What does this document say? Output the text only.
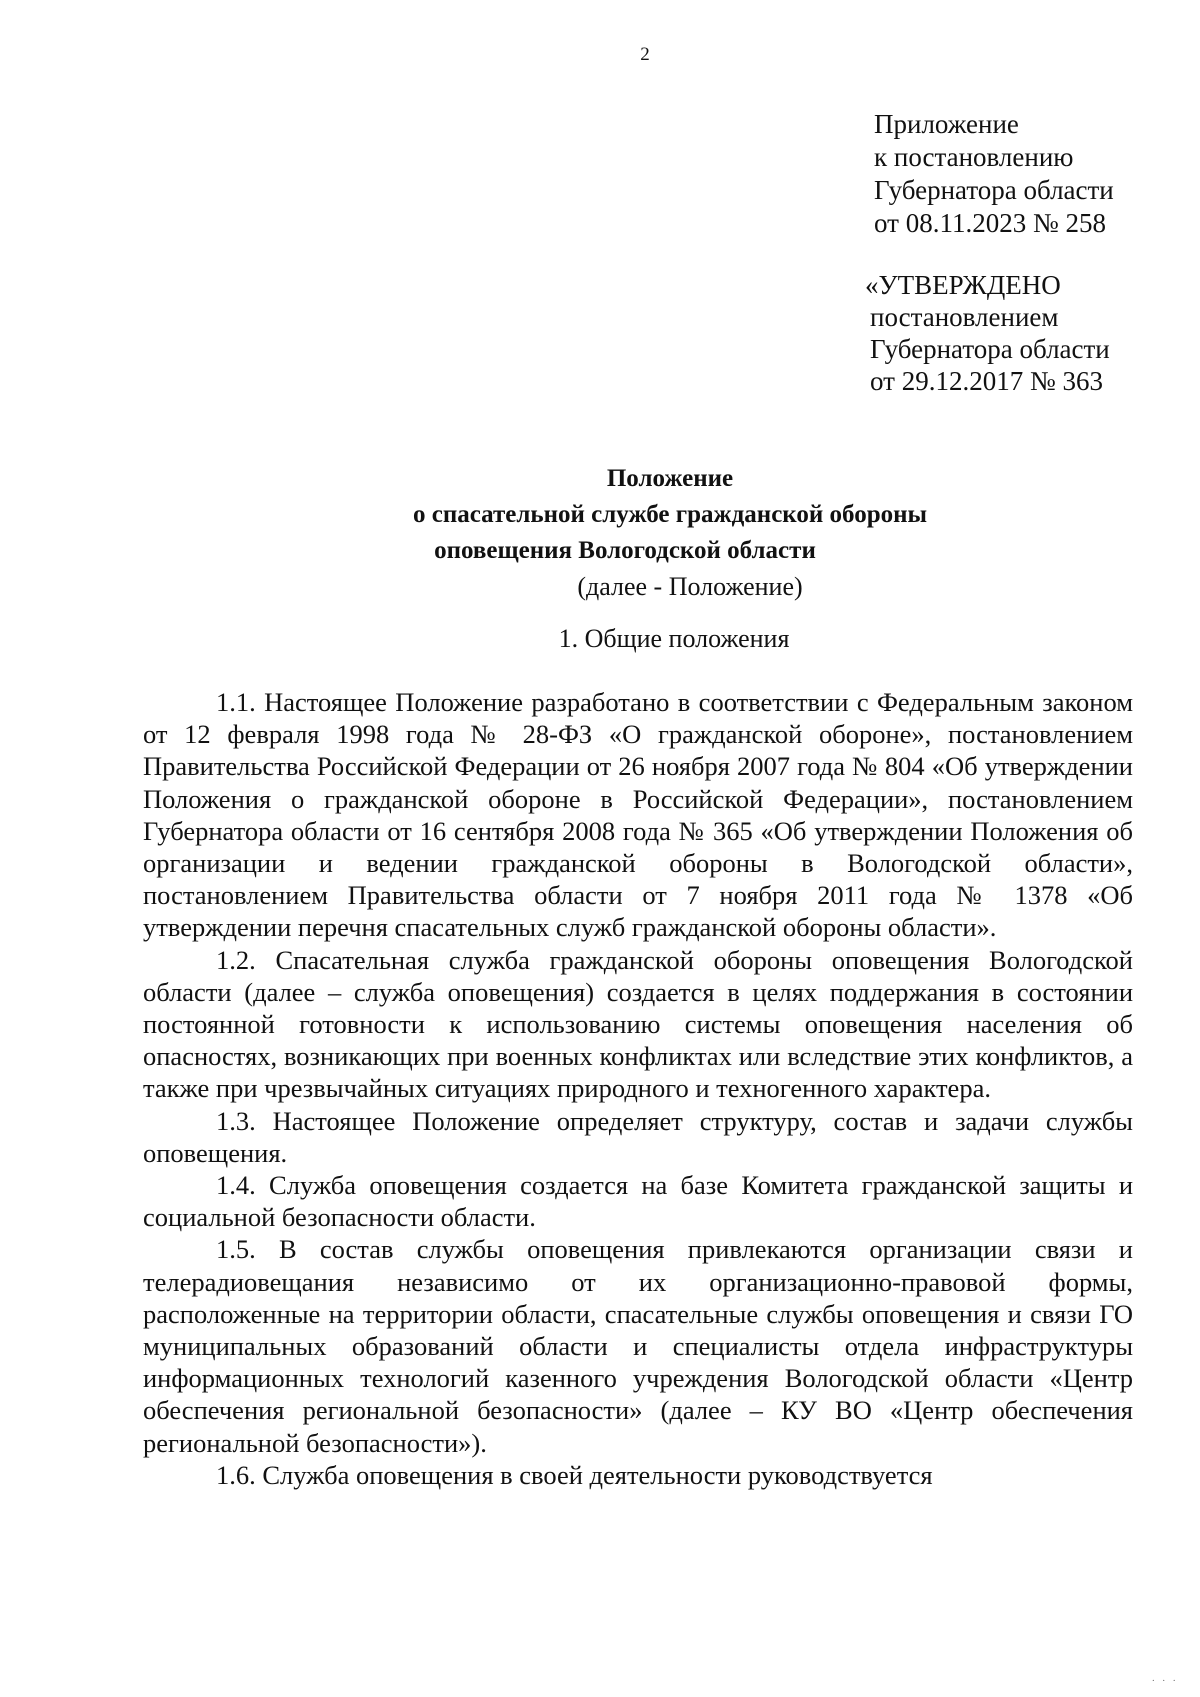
2
Приложение
к постановлению
Губернатора области
от 08.11.2023 № 258
«УТВЕРЖДЕНО
постановлением
Губернатора области
от 29.12.2017 № 363
Положение
о спасательной службе гражданской обороны
оповещения Вологодской области
(далее - Положение)
1. Общие положения

1.1. Настоящее Положение разработано в соответствии с Федеральным законом от 12 февраля 1998 года № 28-ФЗ «О гражданской обороне», постановлением Правительства Российской Федерации от 26 ноября 2007 года № 804 «Об утверждении Положения о гражданской обороне в Российской Федерации», постановлением Губернатора области от 16 сентября 2008 года № 365 «Об утверждении Положения об организации и ведении гражданской обороны в Вологодской области», постановлением Правительства области от 7 ноября 2011 года № 1378 «Об утверждении перечня спасательных служб гражданской обороны области».

1.2. Спасательная служба гражданской обороны оповещения Вологодской области (далее – служба оповещения) создается в целях поддержания в состоянии постоянной готовности к использованию системы оповещения населения об опасностях, возникающих при военных конфликтах или вследствие этих конфликтов, а также при чрезвычайных ситуациях природного и техногенного характера.

1.3. Настоящее Положение определяет структуру, состав и задачи службы оповещения.

1.4. Служба оповещения создается на базе Комитета гражданской защиты и социальной безопасности области.

1.5. В состав службы оповещения привлекаются организации связи и телерадиовещания независимо от их организационно-правовой формы, расположенные на территории области, спасательные службы оповещения и связи ГО муниципальных образований области и специалисты отдела инфраструктуры информационных технологий казенного учреждения Вологодской области «Центр обеспечения региональной безопасности» (далее – КУ ВО «Центр обеспечения региональной безопасности»).

1.6. Служба оповещения в своей деятельности руководствуется

· · ·
